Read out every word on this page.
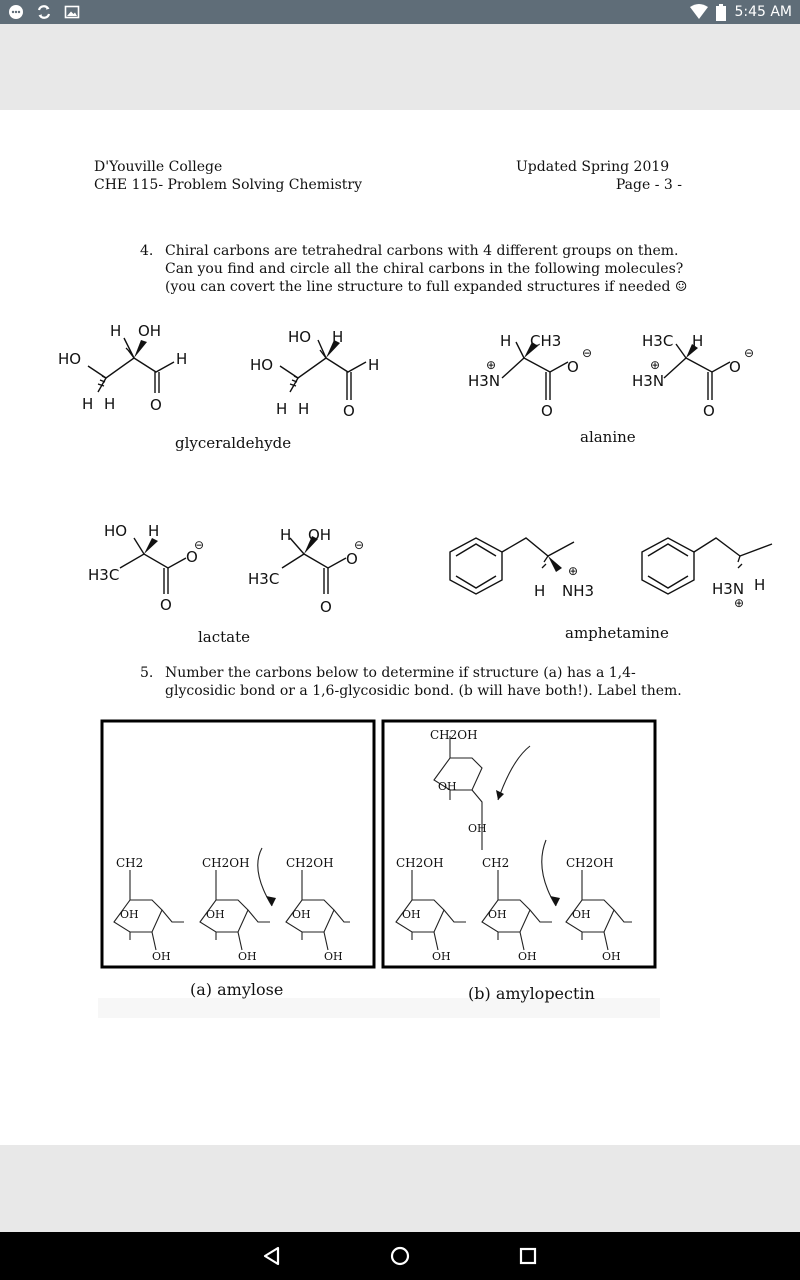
5:45 AM
D'Youville College
CHE 115- Problem Solving Chemistry
Updated Spring 2019
Page - 3 -
4. Chiral carbons are tetrahedral carbons with 4 different groups on them. Can you find and circle all the chiral carbons in the following molecules? (you can covert the line structure to full expanded structures if needed ☺
H OH
HO	H
H H O
glyceraldehyde
HO H
HO	H
H H O
H CH3
⊕
H3N
O
⊖
O
alanine
H3C H
⊕
H3N
O
⊖
O
HO H
H3C
O
⊖
O
lactate
H OH
H3C
O
⊖
O
H
⊕
NH3
amphetamine
H3N H
⊕
5. Number the carbons below to determine if structure (a) has a 1,4- glycosidic bond or a 1,6-glycosidic bond. (b will have both!). Label them.
CH2	CH2OH	CH2OH
OH	OH	OH
OH	OH	OH
(a) amylose
CH2OH
OH
OH
CH2OH	CH2	CH2OH
OH	OH	OH
OH	OH	OH
(b) amylopectin
